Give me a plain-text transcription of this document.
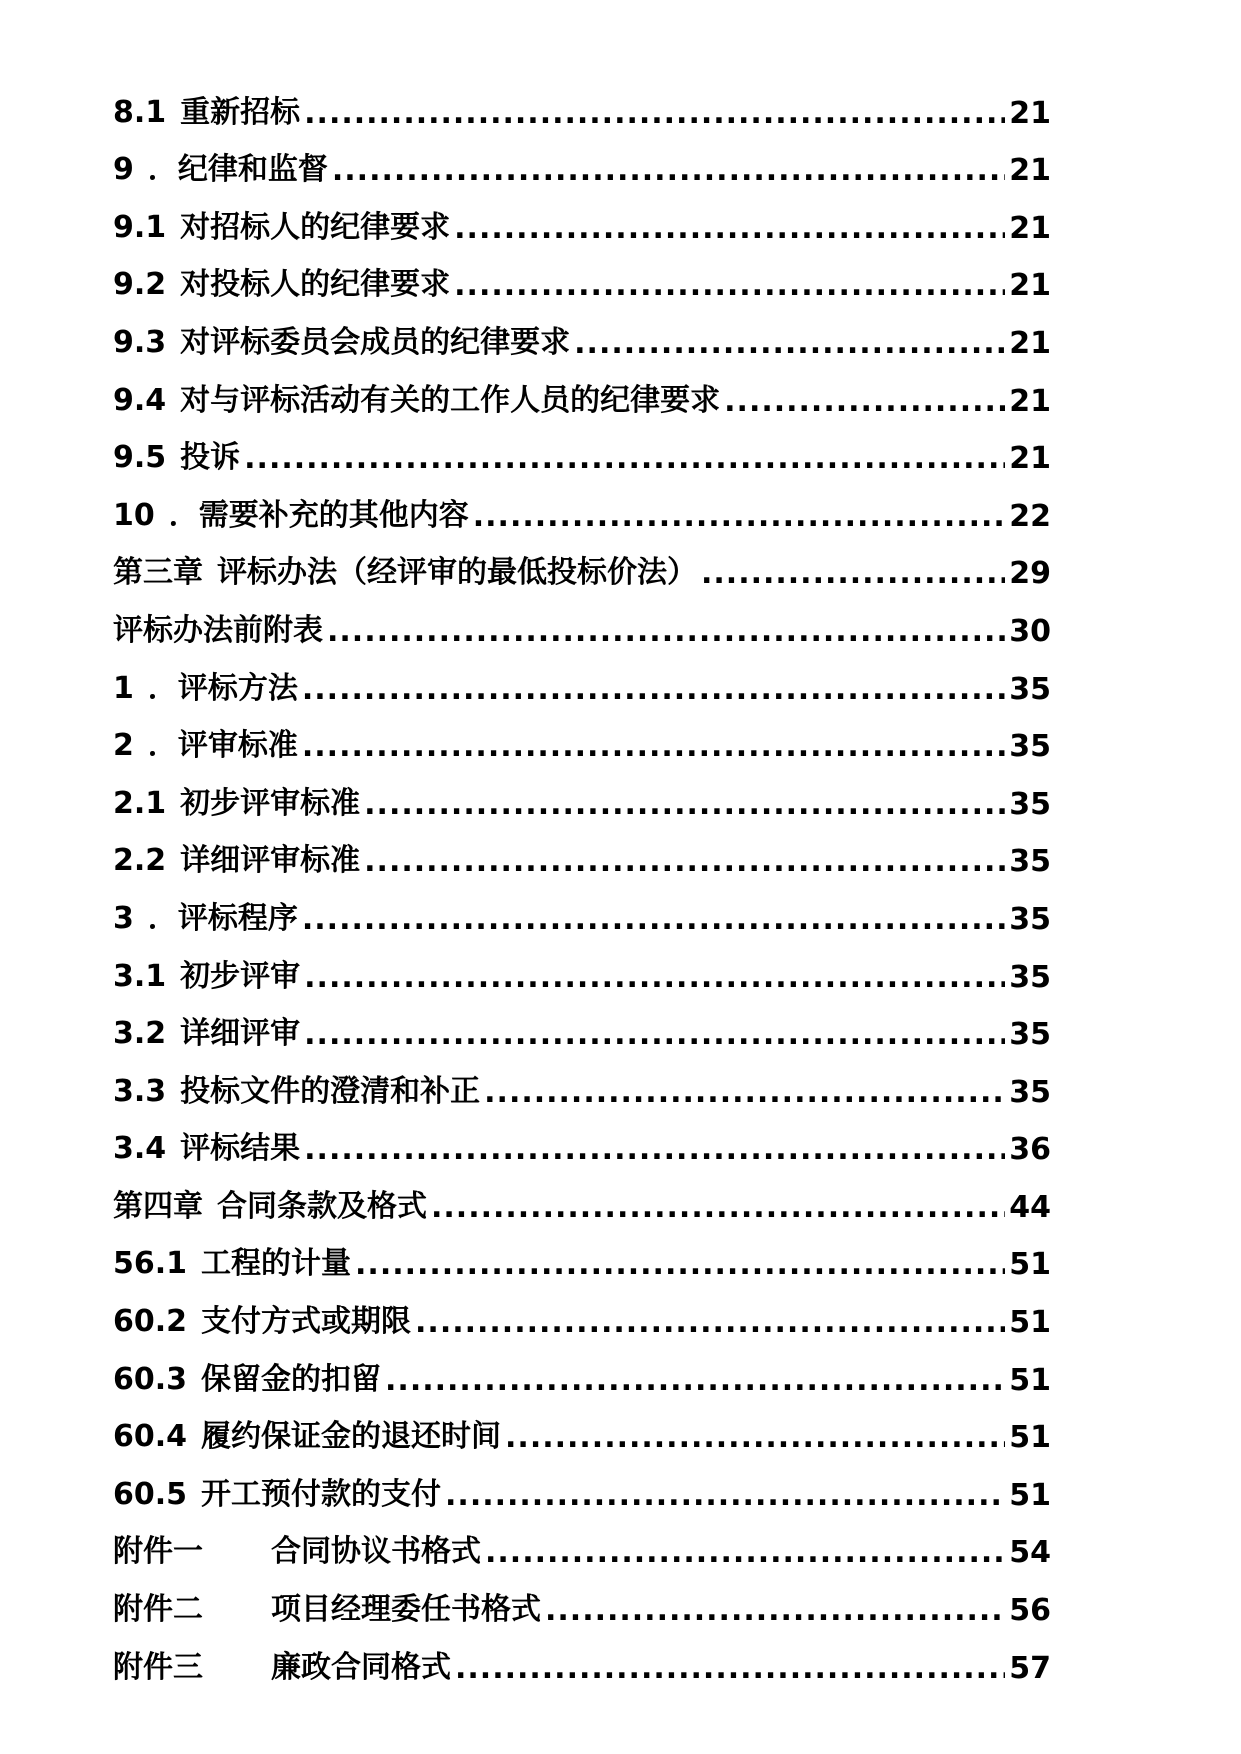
8.1 重新招标 .....	21
9 ．纪律和监督 .....	21
9.1 对招标人的纪律要求 .....	21
9.2 对投标人的纪律要求 .....	21
9.3 对评标委员会成员的纪律要求 .....	21
9.4 对与评标活动有关的工作人员的纪律要求 .....	21
9.5 投诉 .....	21
10 ．需要补充的其他内容 .....	22
第三章 评标办法（经评审的最低投标价法） .....	29
评标办法前附表 .....	30
1 ．评标方法 .....	35
2 ．评审标准 .....	35
2.1 初步评审标准 .....	35
2.2 详细评审标准 .....	35
3 ．评标程序 .....	35
3.1 初步评审 .....	35
3.2 详细评审 .....	35
3.3 投标文件的澄清和补正 .....	35
3.4 评标结果 .....	36
第四章 合同条款及格式 .....	44
56.1 工程的计量 .....	51
60.2 支付方式或期限 .....	51
60.3 保留金的扣留 .....	51
60.4 履约保证金的退还时间 .....	51
60.5 开工预付款的支付 .....	51
附件一 合同协议书格式 .....	54
附件二 项目经理委任书格式 .....	56
附件三 廉政合同格式 .....	57
